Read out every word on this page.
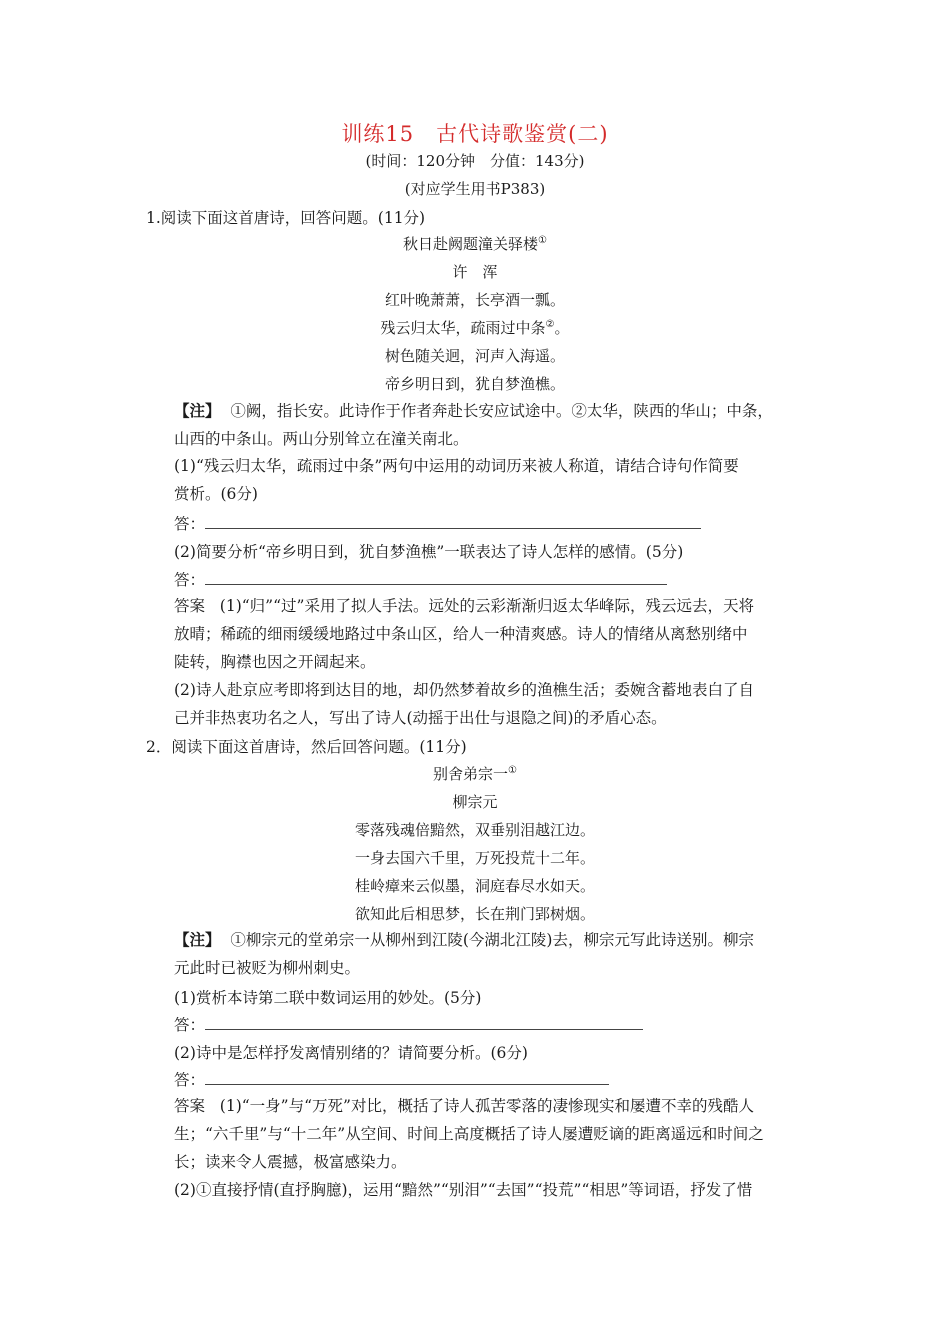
训练15　古代诗歌鉴赏(二)
(时间：120分钟　分值：143分)
(对应学生用书P383)
1.阅读下面这首唐诗，回答问题。(11分)
秋日赴阙题潼关驿楼①
许　浑
红叶晚萧萧，长亭酒一瓢。
残云归太华，疏雨过中条②。
树色随关迥，河声入海遥。
帝乡明日到，犹自梦渔樵。
【注】 ①阙，指长安。此诗作于作者奔赴长安应试途中。②太华，陕西的华山；中条，
山西的中条山。两山分别耸立在潼关南北。
(1)“残云归太华，疏雨过中条”两句中运用的动词历来被人称道，请结合诗句作简要
赏析。(6分)
答：
(2)简要分析“帝乡明日到，犹自梦渔樵”一联表达了诗人怎样的感情。(5分)
答：
答案 (1)“归”“过”采用了拟人手法。远处的云彩渐渐归返太华峰际，残云远去，天将
放晴；稀疏的细雨缓缓地路过中条山区，给人一种清爽感。诗人的情绪从离愁别绪中
陡转，胸襟也因之开阔起来。
(2)诗人赴京应考即将到达目的地，却仍然梦着故乡的渔樵生活；委婉含蓄地表白了自
己并非热衷功名之人，写出了诗人(动摇于出仕与退隐之间)的矛盾心态。
2．阅读下面这首唐诗，然后回答问题。(11分)
别舍弟宗一①
柳宗元
零落残魂倍黯然，双垂别泪越江边。
一身去国六千里，万死投荒十二年。
桂岭瘴来云似墨，洞庭春尽水如天。
欲知此后相思梦，长在荆门郢树烟。
【注】 ①柳宗元的堂弟宗一从柳州到江陵(今湖北江陵)去，柳宗元写此诗送别。柳宗
元此时已被贬为柳州刺史。
(1)赏析本诗第二联中数词运用的妙处。(5分)
答：
(2)诗中是怎样抒发离情别绪的？请简要分析。(6分)
答：
答案 (1)“一身”与“万死”对比，概括了诗人孤苦零落的凄惨现实和屡遭不幸的残酷人
生；“六千里”与“十二年”从空间、时间上高度概括了诗人屡遭贬谪的距离遥远和时间之
长；读来令人震撼，极富感染力。
(2)①直接抒情(直抒胸臆)，运用“黯然”“别泪”“去国”“投荒”“相思”等词语，抒发了惜
